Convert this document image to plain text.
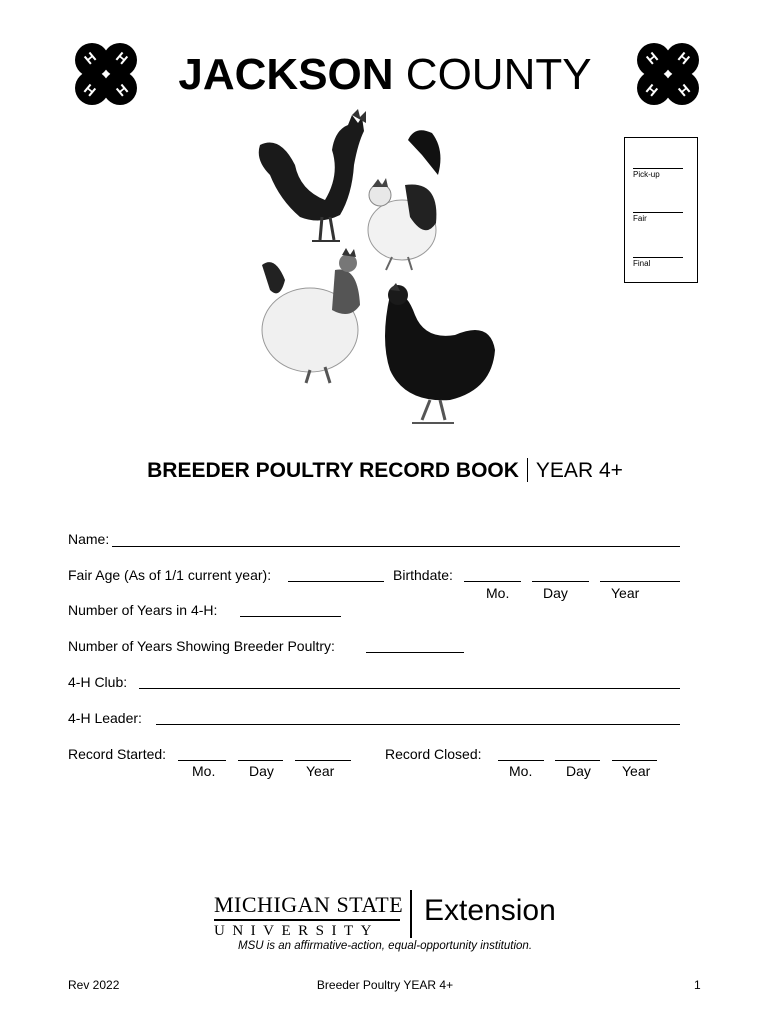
H H
H H	JACKSON COUNTY	H H
H H
Pick-up
Fair
Final
BREEDER POULTRY RECORD BOOK YEAR 4+
Name:
Fair Age (As of 1/1 current year):	Birthdate:
Mo. Day	Year
Number of Years in 4-H:
Number of Years Showing Breeder Poultry:
4-H Club:
4-H Leader:
Record Started:
Mo. Day Year
Record Closed:
Mo. Day Year
MICHIGAN STATE
UNIVERSITY
Extension
MSU is an affirmative-action, equal-opportunity institution.
Rev 2022	Breeder Poultry YEAR 4+	1
